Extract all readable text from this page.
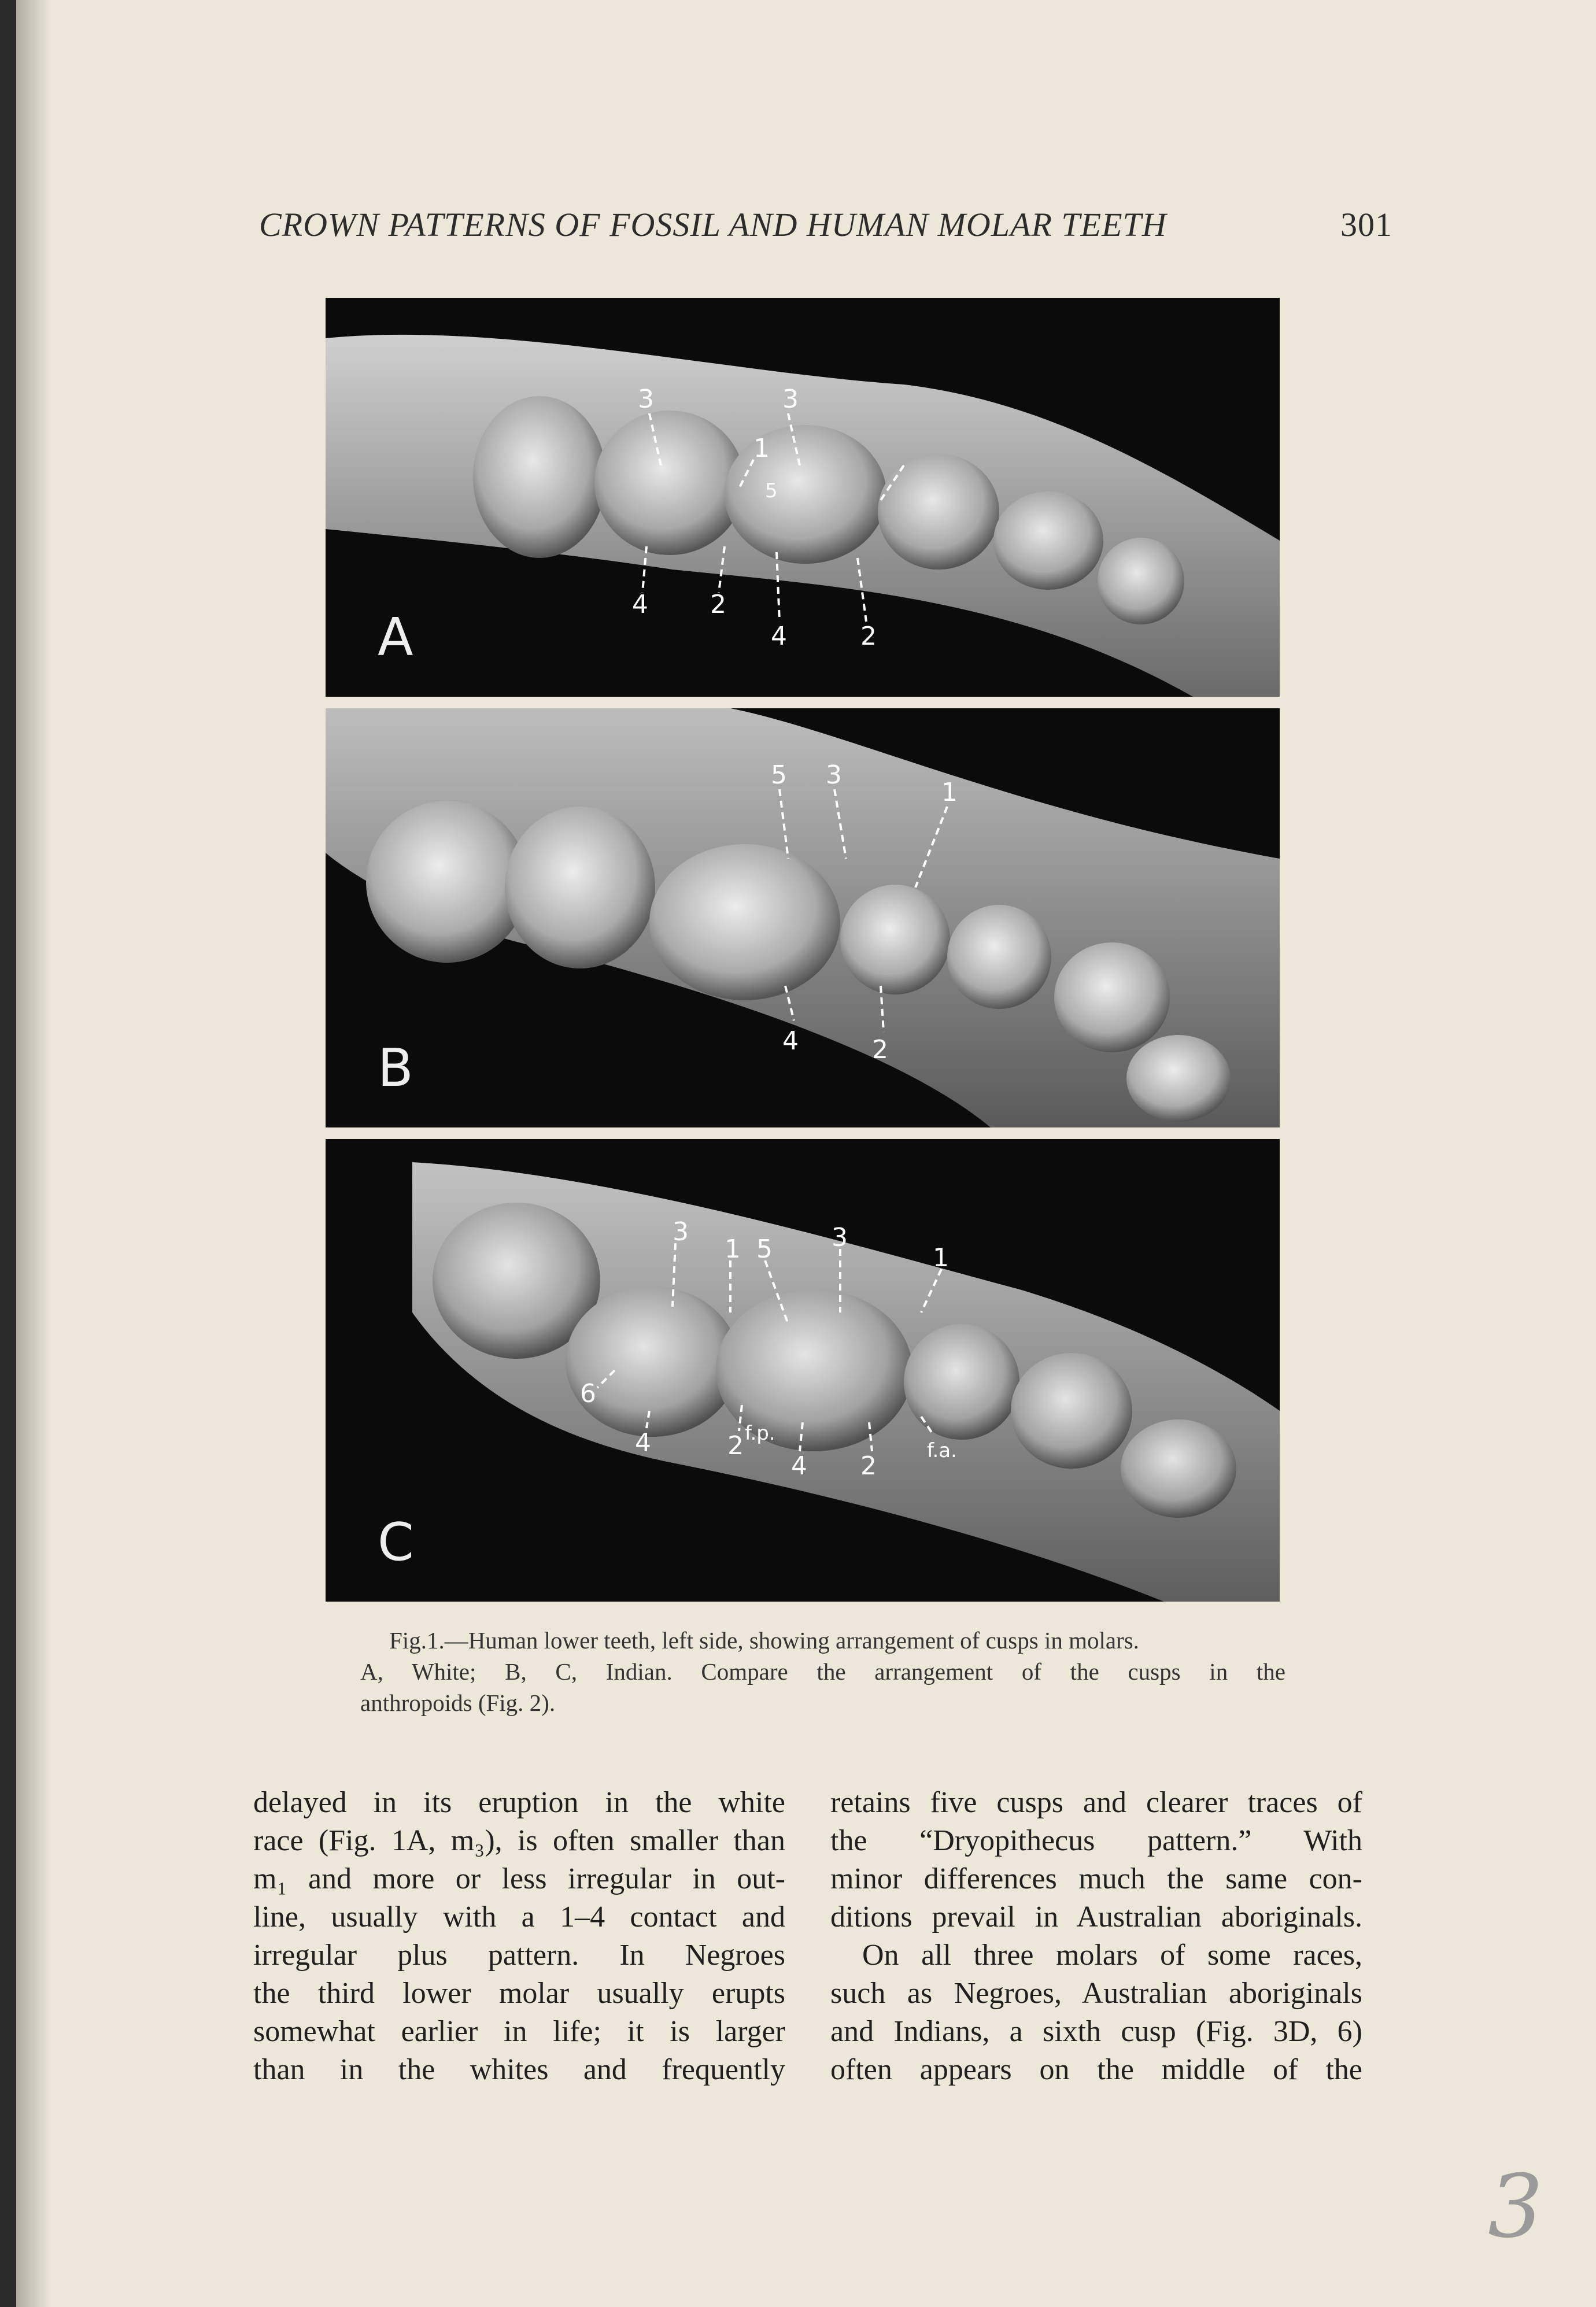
CROWN PATTERNS OF FOSSIL AND HUMAN MOLAR TEETH	301
3	3
1
5
4 2
4	2
A
5 3
1
4	2
B
3
1 5 3
1
6
4	2 f.p.
4 2
f.a.
C
Fig.1.—Human lower teeth, left side, showing arrangement of cusps in molars.
A, White; B, C, Indian. Compare the arrangement of the cusps in the
anthropoids (Fig. 2).
delayed in its eruption in the white
race (Fig. 1A, m₃), is often smaller than
m₁ and more or less irregular in out-
line, usually with a 1–4 contact and
irregular plus pattern. In Negroes
the third lower molar usually erupts
somewhat earlier in life; it is larger
than in the whites and frequently
retains five cusps and clearer traces of
the “Dryopithecus pattern.” With
minor differences much the same con-
ditions prevail in Australian aboriginals.
On all three molars of some races,
such as Negroes, Australian aboriginals
and Indians, a sixth cusp (Fig. 3D, 6)
often appears on the middle of the
3
